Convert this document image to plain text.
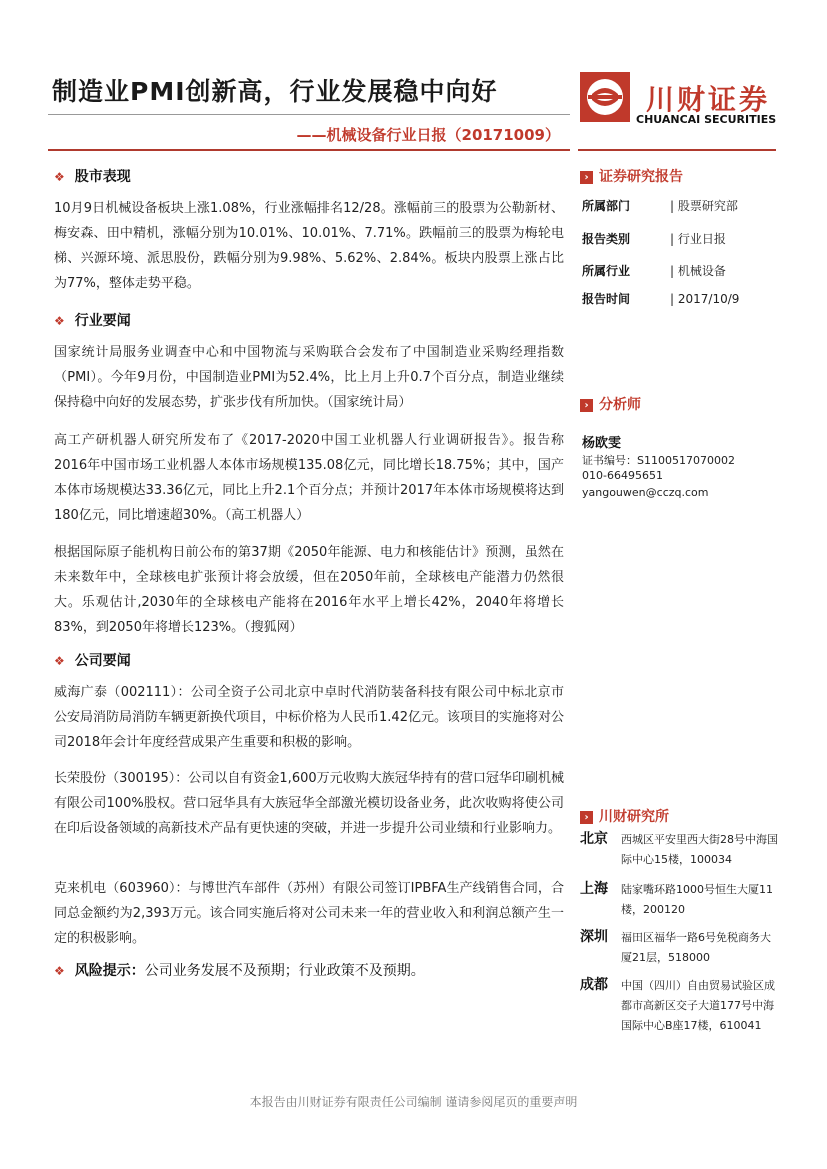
制造业PMI创新高，行业发展稳中向好
——机械设备行业日报（20171009）
川财证券
CHUANCAI SECURITIES
❖ 股市表现
10月9日机械设备板块上涨1.08%，行业涨幅排名12/28。涨幅前三的股票为公勒新材、梅安森、田中精机，涨幅分别为10.01%、10.01%、7.71%。跌幅前三的股票为梅轮电梯、兴源环境、派思股份，跌幅分别为9.98%、5.62%、2.84%。板块内股票上涨占比为77%，整体走势平稳。
❖ 行业要闻
国家统计局服务业调查中心和中国物流与采购联合会发布了中国制造业采购经理指数（PMI）。今年9月份，中国制造业PMI为52.4%，比上月上升0.7个百分点，制造业继续保持稳中向好的发展态势，扩张步伐有所加快。（国家统计局）
高工产研机器人研究所发布了《2017-2020中国工业机器人行业调研报告》。报告称2016年中国市场工业机器人本体市场规模135.08亿元，同比增长18.75%；其中，国产本体市场规模达33.36亿元，同比上升2.1个百分点；并预计2017年本体市场规模将达到180亿元，同比增速超30%。（高工机器人）
根据国际原子能机构日前公布的第37期《2050年能源、电力和核能估计》预测，虽然在未来数年中，全球核电扩张预计将会放缓，但在2050年前，全球核电产能潜力仍然很大。乐观估计,2030年的全球核电产能将在2016年水平上增长42%，2040年将增长83%，到2050年将增长123%。（搜狐网）
❖ 公司要闻
威海广泰（002111）：公司全资子公司北京中卓时代消防装备科技有限公司中标北京市公安局消防局消防车辆更新换代项目，中标价格为人民币1.42亿元。该项目的实施将对公司2018年会计年度经营成果产生重要和积极的影响。
长荣股份（300195）：公司以自有资金1,600万元收购大族冠华持有的营口冠华印刷机械有限公司100%股权。营口冠华具有大族冠华全部激光模切设备业务，此次收购将使公司在印后设备领域的高新技术产品有更快速的突破，并进一步提升公司业绩和行业影响力。
克来机电（603960）：与博世汽车部件（苏州）有限公司签订IPBFA生产线销售合同，合同总金额约为2,393万元。该合同实施后将对公司未来一年的营业收入和利润总额产生一定的积极影响。
❖ 风险提示：公司业务发展不及预期；行业政策不及预期。
› 证券研究报告
所属部门	| 股票研究部
报告类别	| 行业日报
所属行业	| 机械设备
报告时间	| 2017/10/9
› 分析师
杨欧雯
证书编号：S1100517070002
010-66495651
yangouwen@cczq.com
› 川财研究所
北京 西城区平安里西大街28号中海国际中心15楼，100034
上海 陆家嘴环路1000号恒生大厦11楼，200120
深圳 福田区福华一路6号免税商务大厦21层，518000
成都 中国（四川）自由贸易试验区成都市高新区交子大道177号中海国际中心B座17楼，610041
本报告由川财证券有限责任公司编制 谨请参阅尾页的重要声明
